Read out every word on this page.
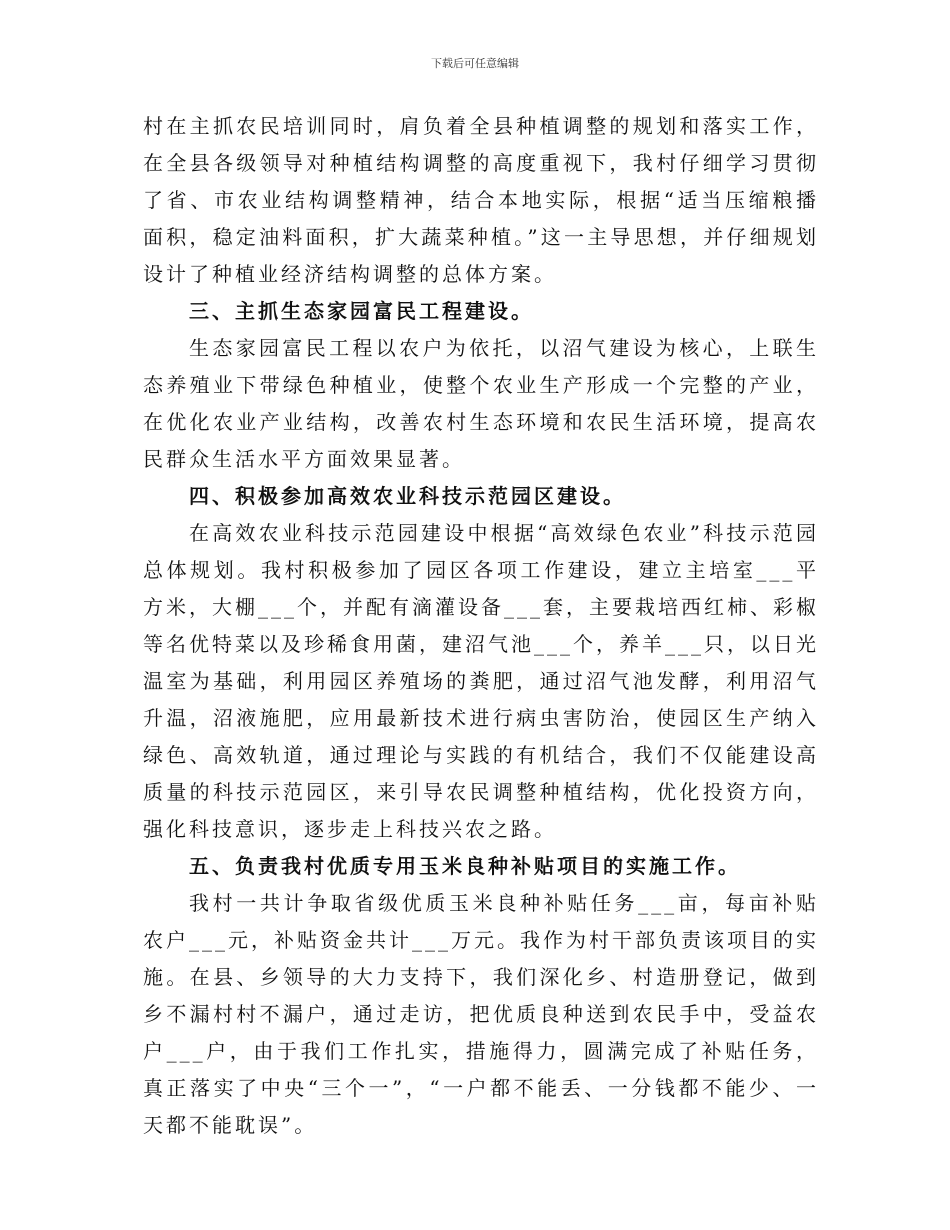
下载后可任意编辑

村在主抓农民培训同时，肩负着全县种植调整的规划和落实工作，在全县各级领导对种植结构调整的高度重视下，我村仔细学习贯彻了省、市农业结构调整精神，结合本地实际，根据“适当压缩粮播面积，稳定油料面积，扩大蔬菜种植。”这一主导思想，并仔细规划设计了种植业经济结构调整的总体方案。

三、主抓生态家园富民工程建设。

生态家园富民工程以农户为依托，以沼气建设为核心，上联生态养殖业下带绿色种植业，使整个农业生产形成一个完整的产业，在优化农业产业结构，改善农村生态环境和农民生活环境，提高农民群众生活水平方面效果显著。

四、积极参加高效农业科技示范园区建设。

在高效农业科技示范园建设中根据“高效绿色农业”科技示范园总体规划。我村积极参加了园区各项工作建设，建立主培室___平方米，大棚___个，并配有滴灌设备___套，主要栽培西红柿、彩椒等名优特菜以及珍稀食用菌，建沼气池___个，养羊___只，以日光温室为基础，利用园区养殖场的粪肥，通过沼气池发酵，利用沼气升温，沼液施肥，应用最新技术进行病虫害防治，使园区生产纳入绿色、高效轨道，通过理论与实践的有机结合，我们不仅能建设高质量的科技示范园区，来引导农民调整种植结构，优化投资方向，强化科技意识，逐步走上科技兴农之路。

五、负责我村优质专用玉米良种补贴项目的实施工作。

我村一共计争取省级优质玉米良种补贴任务___亩，每亩补贴农户___元，补贴资金共计___万元。我作为村干部负责该项目的实施。在县、乡领导的大力支持下，我们深化乡、村造册登记，做到乡不漏村村不漏户，通过走访，把优质良种送到农民手中，受益农户___户，由于我们工作扎实，措施得力，圆满完成了补贴任务，真正落实了中央“三个一”，“一户都不能丢、一分钱都不能少、一天都不能耽误”。
